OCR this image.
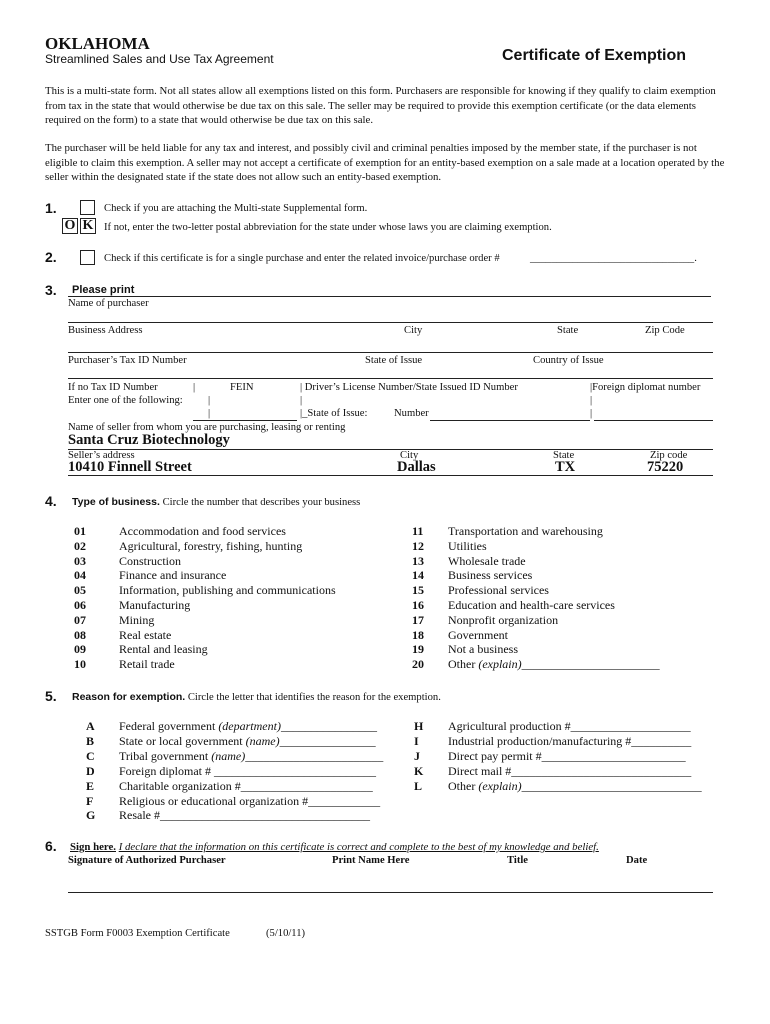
OKLAHOMA
Streamlined Sales and Use Tax Agreement	Certificate of Exemption
This is a multi-state form. Not all states allow all exemptions listed on this form. Purchasers are responsible for knowing if they qualify to claim exemption from tax in the state that would otherwise be due tax on this sale. The seller may be required to provide this exemption certificate (or the data elements required on the form) to a state that would otherwise be due tax on this sale.
The purchaser will be held liable for any tax and interest, and possibly civil and criminal penalties imposed by the member state, if the purchaser is not eligible to claim this exemption. A seller may not accept a certificate of exemption for an entity-based exemption on a sale made at a location operated by the seller within the designated state if the state does not allow such an entity-based exemption.
1.	Check if you are attaching the Multi-state Supplemental form.
O K If not, enter the two-letter postal abbreviation for the state under whose laws you are claiming exemption.
2.	Check if this certificate is for a single purchase and enter the related invoice/purchase order #	_______________________________.
3. Please print
Name of purchaser
Business Address	City	State	Zip Code
Purchaser’s Tax ID Number	State of Issue	Country of Issue
If no Tax ID Number
Enter one of the following:
FEIN	| Driver’s License Number/State Issued ID Number	|Foreign diplomat number
|
|	|	|
|	|_State of Issue:	Number	|
Name of seller from whom you are purchasing, leasing or renting
Santa Cruz Biotechnology
Seller’s address	City	State	Zip code
10410 Finnell Street	Dallas	TX	75220
4. Type of business. Circle the number that describes your business
01	Accommodation and food services
02	Agricultural, forestry, fishing, hunting
03	Construction
04	Finance and insurance
05	Information, publishing and communications
06	Manufacturing
07	Mining
08	Real estate
09	Rental and leasing
10	Retail trade
11 Transportation and warehousing
12 Utilities
13 Wholesale trade
14 Business services
15 Professional services
16 Education and health-care services
17 Nonprofit organization
18 Government
19 Not a business
20 Other (explain)_______________________
5. Reason for exemption. Circle the letter that identifies the reason for the exemption.
A Federal government (department)________________
B State or local government (name)________________
C Tribal government (name)_______________________
D Foreign diplomat # ___________________________
E Charitable organization #______________________
F Religious or educational organization #____________
G Resale #___________________________________
H Agricultural production #____________________
I Industrial production/manufacturing #__________
J Direct pay permit #________________________
K Direct mail #______________________________
L Other (explain)______________________________
6. Sign here. I declare that the information on this certificate is correct and complete to the best of my knowledge and belief.
Signature of Authorized Purchaser	Print Name Here	Title	Date
SSTGB Form F0003 Exemption Certificate	(5/10/11)
